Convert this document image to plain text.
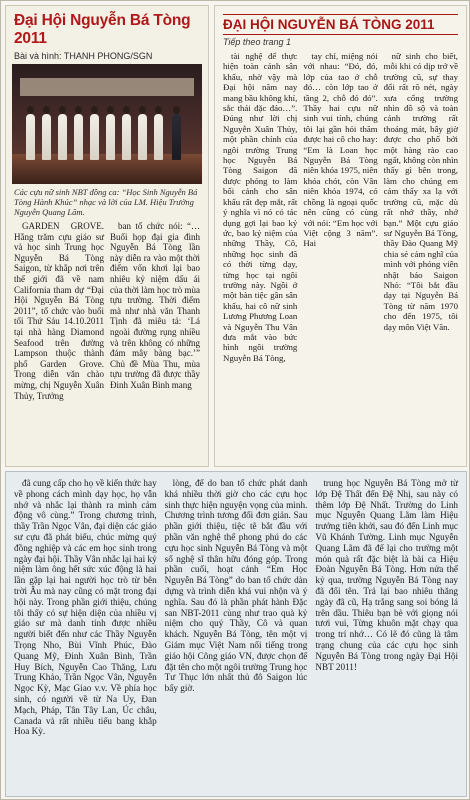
Đại Hội Nguyễn Bá Tòng 2011
Bài và hình: THANH PHONG/SGN
Các cựu nữ sinh NBT đồng ca: “Học Sinh Nguyễn Bá Tòng Hành Khúc” nhạc và lời của LM. Hiệu Trưởng Nguyễn Quang Lãm.

GARDEN GROVE. Hằng trăm cựu giáo sư và học sinh Trung học Nguyễn Bá Tòng Saigon, từ khắp nơi trên thế giới đã về nam California tham dự “Đại Hội Nguyễn Bá Tòng 2011”, tổ chức vào buổi tối Thứ Sáu 14.10.2011 tại nhà hàng Diamond Seafood trên đường Lampson thuộc thành phố Garden Grove. Trong diễn văn chào mừng, chị Nguyễn Xuân Thủy, Trưởng

ban tổ chức nói: “…Buổi họp đại gia đình Nguyễn Bá Tòng lần này diễn ra vào một thời điểm vốn khơi lại bao nhiêu kỷ niệm dấu ái của thời làm học trò mùa tựu trường. Thời điểm mà như nhà văn Thanh Tịnh đã miêu tả: ‘Lá ngoài đường rụng nhiều và trên không có những đám mây bàng bạc.’” Chủ đề Mùa Thu, mùa tựu trường đã được thầy Đinh Xuân Bình mang

ĐẠI HỘI NGUYỄN BÁ TÒNG 2011
Tiếp theo trang 1

tài nghệ để thực hiện toàn cảnh sân khấu, nhờ vậy mà Đại hội năm nay mang bầu không khí, sắc thái đặc đáo…”. Đúng như lời chị Nguyễn Xuân Thủy, một phần chính của ngôi trường Trung học Nguyễn Bá Tòng Saigon đã được phóng to làm bối cảnh cho sân khấu rất đẹp mắt, rất ý nghĩa vì nó có tác dụng gợi lại bao kỷ ức, bao kỷ niệm của những Thầy, Cô, những học sinh đã có thời từng dạy, từng học tại ngôi trường này. Ngồi ở một bàn tiệc gần sân khấu, hai cô nữ sinh Lương Phương Loan và Nguyễn Thu Vân đưa mắt vào bức hình ngôi trường Nguyễn Bá Tòng,

tay chỉ, miệng nói với nhau: “Đó, đó, lớp của tao ở chỗ đó… còn lớp tao ở tầng 2, chỗ đó đó”. Thầy hai cựu nữ sinh vui tính, chúng tôi lại gần hỏi thăm được hai cô cho hay: “Em là Loan học Nguyễn Bá Tòng niên khóa 1975, niên khóa chót, còn Vân niên khóa 1974, có chồng là ngoại quốc nên cũng có cùng với nói: “Em học với Việt cộng 3 năm”. Hai

nữ sinh cho biết, mỗi khi có dịp trở về trường cũ, sự thay đổi rất rõ nét, ngày xưa cổng trường nhìn đồ sộ và toàn cảnh trường rất thoáng mát, bây giờ được cho phố bởi một hàng rào cao ngất, không còn nhìn thấy gì bên trong, làm cho chúng em cảm thấy xa lạ với trường cũ, mặc dù rất nhớ thầy, nhớ bạn.” Một cựu giáo sư Nguyễn Bá Tòng, thầy Đào Quang Mỹ chia sẻ cảm nghĩ của mình với phóng viên nhật báo Saigon Nhỏ: “Tôi bắt đầu dạy tại Nguyễn Bá Tòng từ năm 1970 cho đến 1975, tôi dạy môn Việt Văn.

đã cung cấp cho họ về kiến thức hay về phong cách mình dạy học, họ vẫn nhớ và nhắc lại thành ra mình cảm động vô cùng.” Trong chương trình, thầy Trần Ngọc Vân, đại diện các giáo sư cựu đã phát biểu, chúc mừng quý đồng nghiệp và các em học sinh trong ngày đại hội. Thầy Vân nhắc lại hai kỷ niệm làm ông hết sức xúc động là hai lần gặp lại hai người học trò từ bên trời Âu mà nay cũng có mặt trong đại hội này. Trong phần giới thiệu, chúng tôi thấy có sự hiện diện của nhiều vị giáo sư mà danh tính được nhiều người biết đến như các Thầy Nguyễn Trọng Nho, Bùi Vĩnh Phúc, Đào Quang Mỹ, Đinh Xuân Bình, Trần Huy Bích, Nguyễn Cao Thăng, Lưu Trung Khảo, Trần Ngọc Vân, Nguyễn Ngọc Kỳ, Mạc Giao v.v. Về phía học sinh, có người về từ Na Uy, Đan Mạch, Pháp, Tân Tây Lan, Úc châu, Canada và rất nhiều tiểu bang khắp Hoa Kỳ.

lòng, để do ban tổ chức phát danh khá nhiều thời giờ cho các cựu học sinh thực hiện nguyện vọng của mình. Chương trình tương đối đơn giản. Sau phần giới thiệu, tiệc tẽ bắt đầu với phần văn nghệ thể phong phú do các cựu học sinh Nguyễn Bá Tòng và một số nghệ sĩ thân hữu đóng góp. Trong phần cuối, hoạt cảnh “Em Học Nguyễn Bá Tòng” do ban tổ chức dàn dựng và trình diễn khá vui nhộn và ý nghĩa. Sau đó là phần phát hành Đặc san NBT-2011 cùng như trao quà kỷ niệm cho quý Thầy, Cô và quan khách. Nguyễn Bá Tòng, tên một vị Giám mục Việt Nam nổi tiếng trong giáo hội Công giáo VN, được chọn để đặt tên cho một ngôi trường Trung học Tư Thục lớn nhất thủ đô Saigon lúc bấy giờ.

trung học Nguyễn Bá Tòng mở từ lớp Đệ Thất đến Đệ Nhị, sau này có thêm lớp Đệ Nhất. Trường do Linh mục Nguyễn Quang Lãm làm Hiệu trưởng tiên khởi, sau đó đến Linh mục Vũ Khánh Tường. Linh mục Nguyễn Quang Lãm đã để lại cho trường một món quà rất đặc biệt là bài ca Hiệu Đoàn Nguyễn Bá Tòng. Hơn nửa thế kỷ qua, trường Nguyễn Bá Tòng nay đã đổi tên. Trả lại bao nhiêu thăng ngày đã cũ, Hạ trắng sang soi bóng lá trên dầu. Thiêu bạn bè với giọng nói tươi vui, Từng khuôn mặt chạy qua trong trí nhớ… Có lẽ đó cũng là tâm trạng chung của các cựu học sinh Nguyễn Bá Tòng trong ngày Đại Hội NBT 2011!
